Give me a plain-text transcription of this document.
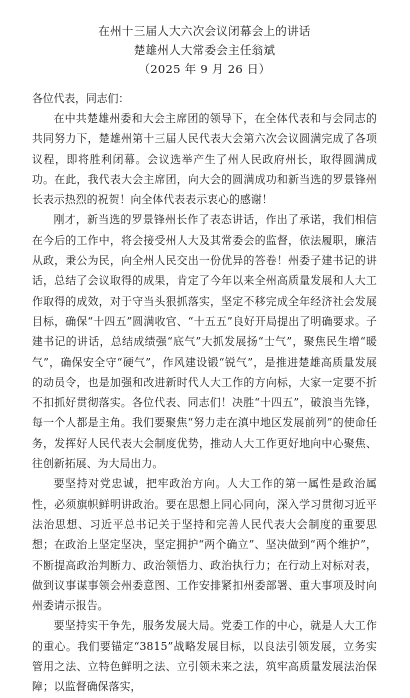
在州十三届人大六次会议闭幕会上的讲话
楚雄州人大常委会主任翁斌
（2025 年 9 月 26 日）
各位代表，同志们：

在中共楚雄州委和大会主席团的领导下，在全体代表和与会同志的共同努力下，楚雄州第十三届人民代表大会第六次会议圆满完成了各项议程，即将胜利闭幕。会议选举产生了州人民政府州长，取得圆满成功。在此，我代表大会主席团，向大会的圆满成功和新当选的罗景锋州长表示热烈的祝贺！向全体代表表示衷心的感谢！

刚才，新当选的罗景锋州长作了表态讲话，作出了承诺，我们相信在今后的工作中，将会接受州人大及其常委会的监督，依法履职，廉洁从政，秉公为民，向全州人民交出一份优异的答卷！州委子建书记的讲话，总结了会议取得的成果，肯定了今年以来全州高质量发展和人大工作取得的成效，对于守当头狠抓落实，坚定不移完成全年经济社会发展目标，确保“十四五”圆满收官、“十五五”良好开局提出了明确要求。子建书记的讲话，总结成绩强“底气”大抓发展扬“士气”，聚焦民生增“暖气”，确保安全守“硬气”，作风建设锻“锐气”，是推进楚雄高质量发展的动员令，也是加强和改进新时代人大工作的方向标，大家一定要不折不扣抓好贯彻落实。各位代表、同志们！决胜“十四五”，破浪当先锋，每一个人都是主角。我们要聚焦“努力走在滇中地区发展前列”的使命任务，发挥好人民代表大会制度优势，推动人大工作更好地向中心聚焦、往创新拓展、为大局出力。

要坚持对党忠诚，把牢政治方向。人大工作的第一属性是政治属性，必须旗帜鲜明讲政治。要在思想上同心同向，深入学习贯彻习近平法治思想、习近平总书记关于坚持和完善人民代表大会制度的重要思想；在政治上坚定坚决，坚定拥护“两个确立”、坚决做到“两个维护”，不断提高政治判断力、政治领悟力、政治执行力；在行动上对标对表，做到议事谋事领会州委意图、工作安排紧扣州委部署、重大事项及时向州委请示报告。

要坚持实干争先，服务发展大局。党委工作的中心，就是人大工作的重心。我们要锚定“3815”战略发展目标，以良法引领发展，立务实管用之法、立特色鲜明之法、立引领未来之法，筑牢高质量发展法治保障；以监督确保落实，
